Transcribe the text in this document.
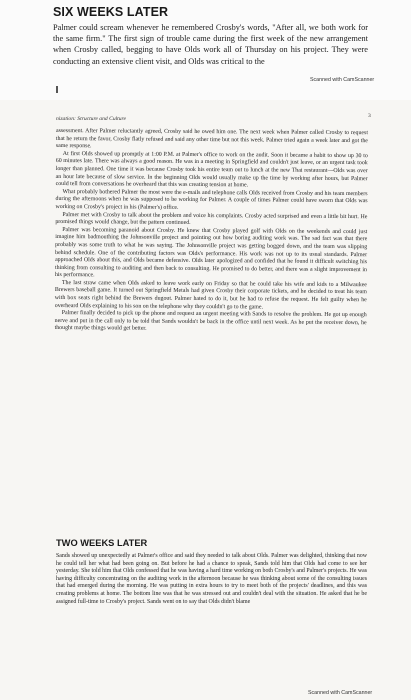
SIX WEEKS LATER
Palmer could scream whenever he remembered Crosby's words, "After all, we both work for the same firm." The first sign of trouble came during the first week of the new arrangement when Crosby called, begging to have Olds work all of Thursday on his project. They were conducting an extensive client visit, and Olds was critical to the
Scanned with CamScanner
nization: Structure and Culture	3

assessment. After Palmer reluctantly agreed, Crosby said he owed him one. The next week when Palmer called Crosby to request that he return the favor, Crosby flatly refused and said any other time but not this week. Palmer tried again a week later and got the same response.

At first Olds showed up promptly at 1:00 P.M. at Palmer's office to work on the audit. Soon it became a habit to show up 30 to 60 minutes late. There was always a good reason. He was in a meeting in Springfield and couldn't just leave, or an urgent task took longer than planned. One time it was because Crosby took his entire team out to lunch at the new Thai restaurant—Olds was over an hour late because of slow service. In the beginning Olds would usually make up the time by working after hours, but Palmer could tell from conversations he overheard that this was creating tension at home.

What probably bothered Palmer the most were the e-mails and telephone calls Olds received from Crosby and his team members during the afternoons when he was supposed to be working for Palmer. A couple of times Palmer could have sworn that Olds was working on Crosby's project in his (Palmer's) office.

Palmer met with Crosby to talk about the problem and voice his complaints. Crosby acted surprised and even a little bit hurt. He promised things would change, but the pattern continued.

Palmer was becoming paranoid about Crosby. He knew that Crosby played golf with Olds on the weekends and could just imagine him badmouthing the Johnsonville project and pointing out how boring auditing work was. The sad fact was that there probably was some truth to what he was saying. The Johnsonville project was getting bogged down, and the team was slipping behind schedule. One of the contributing factors was Olds's performance. His work was not up to its usual standards. Palmer approached Olds about this, and Olds became defensive. Olds later apologized and confided that he found it difficult switching his thinking from consulting to auditing and then back to consulting. He promised to do better, and there was a slight improvement in his performance.

The last straw came when Olds asked to leave work early on Friday so that he could take his wife and kids to a Milwaukee Brewers baseball game. It turned out Springfield Metals had given Crosby their corporate tickets, and he decided to treat his team with box seats right behind the Brewers dugout. Palmer hated to do it, but he had to refuse the request. He felt guilty when he overheard Olds explaining to his son on the telephone why they couldn't go to the game.

Palmer finally decided to pick up the phone and request an urgent meeting with Sands to resolve the problem. He got up enough nerve and put in the call only to be told that Sands wouldn't be back in the office until next week. As he put the receiver down, he thought maybe things would get better.

TWO WEEKS LATER
Sands showed up unexpectedly at Palmer's office and said they needed to talk about Olds. Palmer was delighted, thinking that now he could tell her what had been going on. But before he had a chance to speak, Sands told him that Olds had come to see her yesterday. She told him that Olds confessed that he was having a hard time working on both Crosby's and Palmer's projects. He was having difficulty concentrating on the auditing work in the afternoon because he was thinking about some of the consulting issues that had emerged during the morning. He was putting in extra hours to try to meet both of the projects' deadlines, and this was creating problems at home. The bottom line was that he was stressed out and couldn't deal with the situation. He asked that he be assigned full-time to Crosby's project. Sands went on to say that Olds didn't blame
Scanned with CamScanner
